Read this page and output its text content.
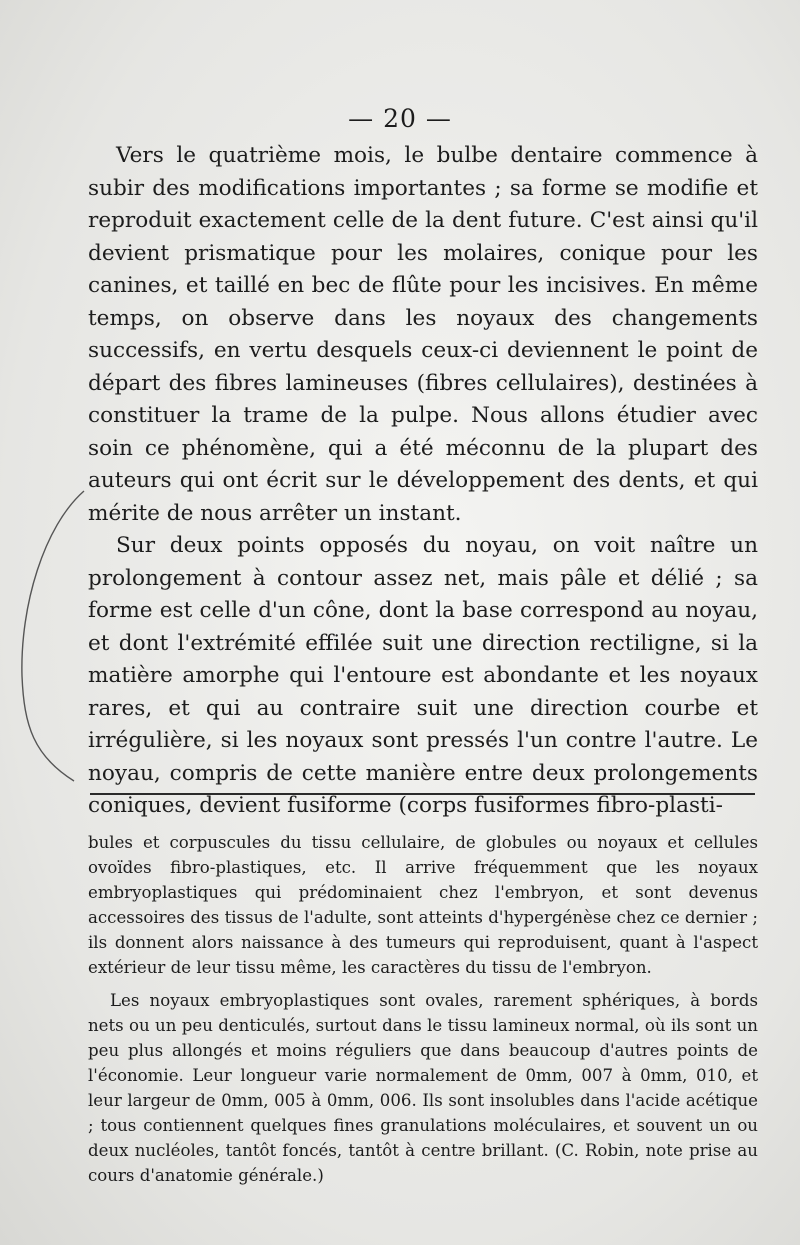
— 20 —

Vers le quatrième mois, le bulbe dentaire commence à subir des modifications importantes ; sa forme se modifie et reproduit exactement celle de la dent future. C'est ainsi qu'il devient prismatique pour les molaires, conique pour les canines, et taillé en bec de flûte pour les incisives. En même temps, on observe dans les noyaux des changements successifs, en vertu desquels ceux-ci deviennent le point de départ des fibres lamineuses (fibres cellulaires), destinées à constituer la trame de la pulpe. Nous allons étudier avec soin ce phénomène, qui a été méconnu de la plupart des auteurs qui ont écrit sur le développement des dents, et qui mérite de nous arrêter un instant.

Sur deux points opposés du noyau, on voit naître un prolongement à contour assez net, mais pâle et délié ; sa forme est celle d'un cône, dont la base correspond au noyau, et dont l'extrémité effilée suit une direction rectiligne, si la matière amorphe qui l'entoure est abondante et les noyaux rares, et qui au contraire suit une direction courbe et irrégulière, si les noyaux sont pressés l'un contre l'autre. Le noyau, compris de cette manière entre deux prolongements coniques, devient fusiforme (corps fusiformes fibro-plasti-

bules et corpuscules du tissu cellulaire, de globules ou noyaux et cellules ovoïdes fibro-plastiques, etc. Il arrive fréquemment que les noyaux embryoplastiques qui prédominaient chez l'embryon, et sont devenus accessoires des tissus de l'adulte, sont atteints d'hypergénèse chez ce dernier ; ils donnent alors naissance à des tumeurs qui reproduisent, quant à l'aspect extérieur de leur tissu même, les caractères du tissu de l'embryon.

Les noyaux embryoplastiques sont ovales, rarement sphériques, à bords nets ou un peu denticulés, surtout dans le tissu lamineux normal, où ils sont un peu plus allongés et moins réguliers que dans beaucoup d'autres points de l'économie. Leur longueur varie normalement de 0mm, 007 à 0mm, 010, et leur largeur de 0mm, 005 à 0mm, 006. Ils sont insolubles dans l'acide acétique ; tous contiennent quelques fines granulations moléculaires, et souvent un ou deux nucléoles, tantôt foncés, tantôt à centre brillant. (C. Robin, note prise au cours d'anatomie générale.)
